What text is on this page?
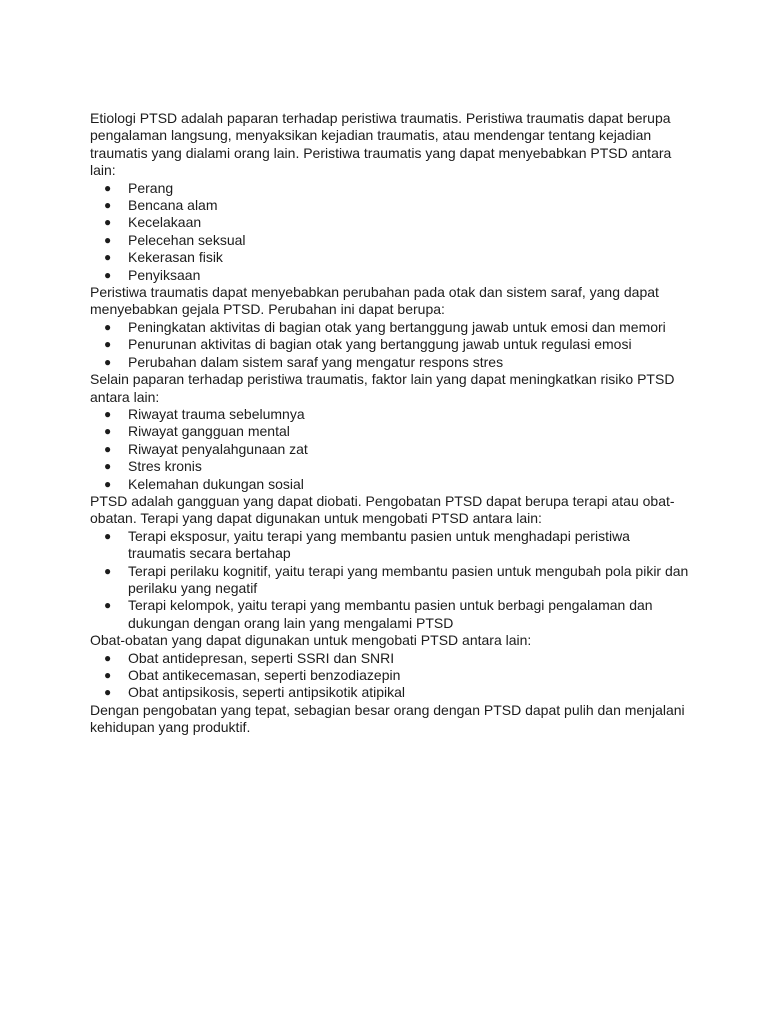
Etiologi PTSD adalah paparan terhadap peristiwa traumatis. Peristiwa traumatis dapat berupa pengalaman langsung, menyaksikan kejadian traumatis, atau mendengar tentang kejadian traumatis yang dialami orang lain. Peristiwa traumatis yang dapat menyebabkan PTSD antara lain:

● Perang
● Bencana alam
● Kecelakaan
● Pelecehan seksual
● Kekerasan fisik
● Penyiksaan

Peristiwa traumatis dapat menyebabkan perubahan pada otak dan sistem saraf, yang dapat menyebabkan gejala PTSD. Perubahan ini dapat berupa:

● Peningkatan aktivitas di bagian otak yang bertanggung jawab untuk emosi dan memori
● Penurunan aktivitas di bagian otak yang bertanggung jawab untuk regulasi emosi
● Perubahan dalam sistem saraf yang mengatur respons stres

Selain paparan terhadap peristiwa traumatis, faktor lain yang dapat meningkatkan risiko PTSD antara lain:

● Riwayat trauma sebelumnya
● Riwayat gangguan mental
● Riwayat penyalahgunaan zat
● Stres kronis
● Kelemahan dukungan sosial

PTSD adalah gangguan yang dapat diobati. Pengobatan PTSD dapat berupa terapi atau obat-obatan. Terapi yang dapat digunakan untuk mengobati PTSD antara lain:

● Terapi eksposur, yaitu terapi yang membantu pasien untuk menghadapi peristiwa traumatis secara bertahap
● Terapi perilaku kognitif, yaitu terapi yang membantu pasien untuk mengubah pola pikir dan perilaku yang negatif
● Terapi kelompok, yaitu terapi yang membantu pasien untuk berbagi pengalaman dan dukungan dengan orang lain yang mengalami PTSD

Obat-obatan yang dapat digunakan untuk mengobati PTSD antara lain:

● Obat antidepresan, seperti SSRI dan SNRI
● Obat antikecemasan, seperti benzodiazepin
● Obat antipsikosis, seperti antipsikotik atipikal

Dengan pengobatan yang tepat, sebagian besar orang dengan PTSD dapat pulih dan menjalani kehidupan yang produktif.
